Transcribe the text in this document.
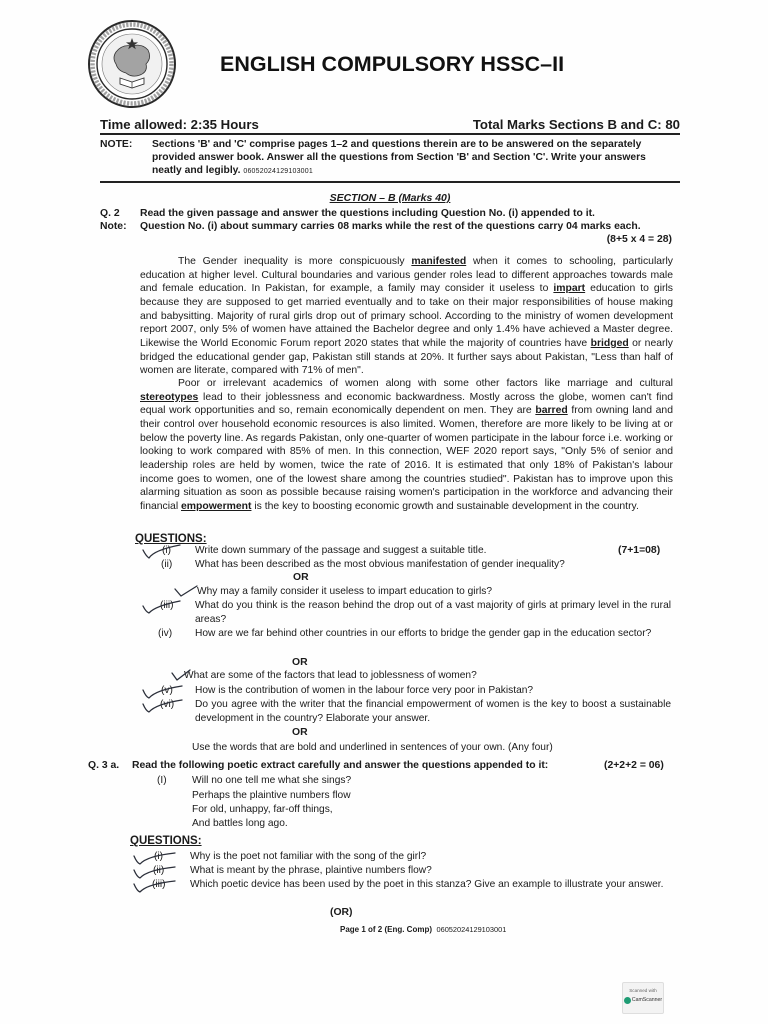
ENGLISH COMPULSORY HSSC–II
Time allowed: 2:35 Hours	Total Marks Sections B and C: 80
NOTE: Sections 'B' and 'C' comprise pages 1–2 and questions therein are to be answered on the separately provided answer book. Answer all the questions from Section 'B' and Section 'C'. Write your answers neatly and legibly. 06052024129103001
SECTION – B (Marks 40)
Q. 2 Read the given passage and answer the questions including Question No. (i) appended to it.
Note: Question No. (i) about summary carries 08 marks while the rest of the questions carry 04 marks each.
(8+5 x 4 = 28)
The Gender inequality is more conspicuously manifested when it comes to schooling, particularly education at higher level. Cultural boundaries and various gender roles lead to different approaches towards male and female education. In Pakistan, for example, a family may consider it useless to impart education to girls because they are supposed to get married eventually and to take on their major responsibilities of house making and babysitting. Majority of rural girls drop out of primary school. According to the ministry of women development report 2007, only 5% of women have attained the Bachelor degree and only 1.4% have achieved a Master degree. Likewise the World Economic Forum report 2020 states that while the majority of countries have bridged or nearly bridged the educational gender gap, Pakistan still stands at 20%. It further says about Pakistan, "Less than half of women are literate, compared with 71% of men".
Poor or irrelevant academics of women along with some other factors like marriage and cultural stereotypes lead to their joblessness and economic backwardness. Mostly across the globe, women can't find equal work opportunities and so, remain economically dependent on men. They are barred from owning land and their control over household economic resources is also limited. Women, therefore are more likely to be living at or below the poverty line. As regards Pakistan, only one-quarter of women participate in the labour force i.e. working or looking to work compared with 85% of men. In this connection, WEF 2020 report says, "Only 5% of senior and leadership roles are held by women, twice the rate of 2016. It is estimated that only 18% of Pakistan's labour income goes to women, one of the lowest share among the countries studied". Pakistan has to improve upon this alarming situation as soon as possible because raising women's participation in the workforce and advancing their financial empowerment is the key to boosting economic growth and sustainable development in the country.
QUESTIONS:
(i) Write down summary of the passage and suggest a suitable title.	(7+1=08)
(ii) What has been described as the most obvious manifestation of gender inequality?
OR
Why may a family consider it useless to impart education to girls?
(iii) What do you think is the reason behind the drop out of a vast majority of girls at primary level in the rural areas?
(iv) How are we far behind other countries in our efforts to bridge the gender gap in the education sector?
OR
What are some of the factors that lead to joblessness of women?
(v) How is the contribution of women in the labour force very poor in Pakistan?
(vi) Do you agree with the writer that the financial empowerment of women is the key to boost a sustainable development in the country? Elaborate your answer.
OR
Use the words that are bold and underlined in sentences of your own. (Any four)
Q. 3 a. Read the following poetic extract carefully and answer the questions appended to it:	(2+2+2 = 06)
(I) Will no one tell me what she sings?
Perhaps the plaintive numbers flow
For old, unhappy, far-off things,
And battles long ago.
QUESTIONS:
(i)	Why is the poet not familiar with the song of the girl?
(ii)	What is meant by the phrase, plaintive numbers flow?
(iii) Which poetic device has been used by the poet in this stanza? Give an example to illustrate your answer.
(OR)
Page 1 of 2 (Eng. Comp) 06052024129103001
Scanned with
CamScanner
